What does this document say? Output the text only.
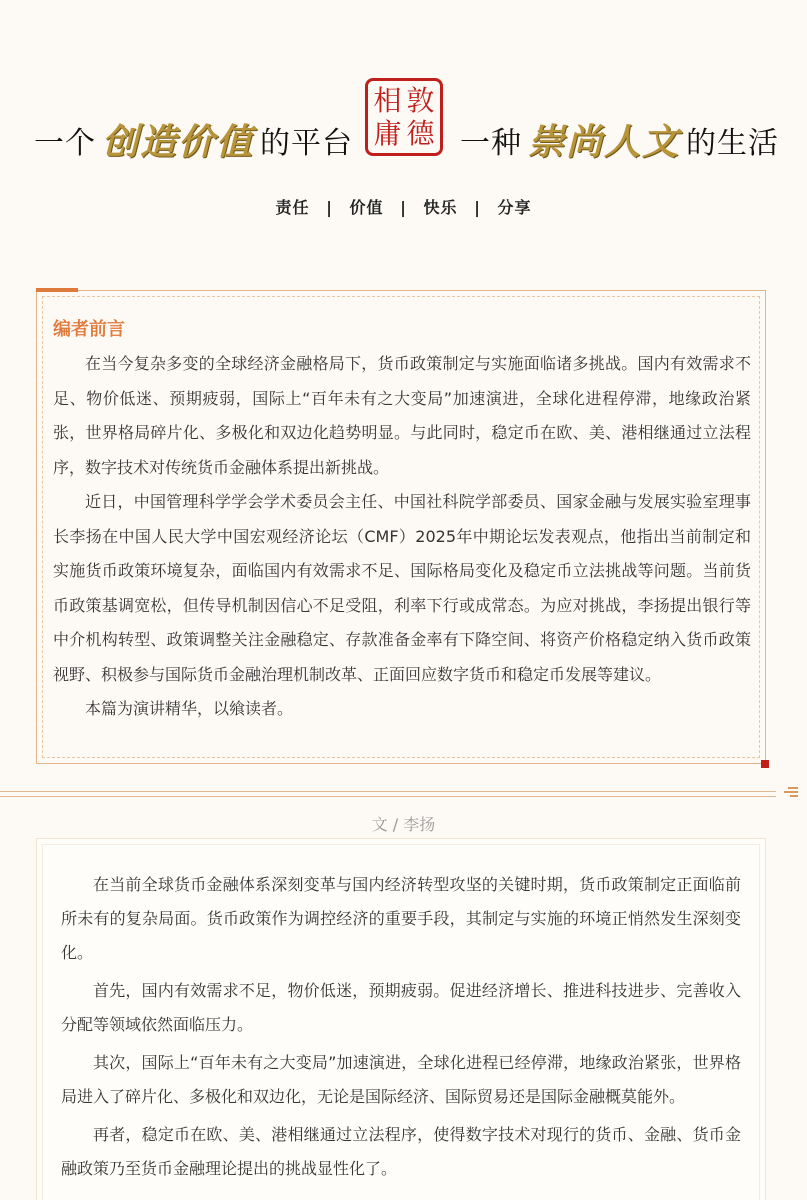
一个 创造价值 的平台
相 敦
庸 德 一种 崇尚人文 的生活
责任 | 价值 | 快乐 | 分享
编者前言

在当今复杂多变的全球经济金融格局下，货币政策制定与实施面临诸多挑战。国内有效需求不足、物价低迷、预期疲弱，国际上“百年未有之大变局”加速演进，全球化进程停滞，地缘政治紧张，世界格局碎片化、多极化和双边化趋势明显。与此同时，稳定币在欧、美、港相继通过立法程序，数字技术对传统货币金融体系提出新挑战。

近日，中国管理科学学会学术委员会主任、中国社科院学部委员、国家金融与发展实验室理事长李扬在中国人民大学中国宏观经济论坛（CMF）2025年中期论坛发表观点，他指出当前制定和实施货币政策环境复杂，面临国内有效需求不足、国际格局变化及稳定币立法挑战等问题。当前货币政策基调宽松，但传导机制因信心不足受阻，利率下行或成常态。为应对挑战，李扬提出银行等中介机构转型、政策调整关注金融稳定、存款准备金率有下降空间、将资产价格稳定纳入货币政策视野、积极参与国际货币金融治理机制改革、正面回应数字货币和稳定币发展等建议。

本篇为演讲精华，以飨读者。

文 / 李扬

在当前全球货币金融体系深刻变革与国内经济转型攻坚的关键时期，货币政策制定正面临前所未有的复杂局面。货币政策作为调控经济的重要手段，其制定与实施的环境正悄然发生深刻变化。

首先，国内有效需求不足，物价低迷，预期疲弱。促进经济增长、推进科技进步、完善收入分配等领域依然面临压力。

其次，国际上“百年未有之大变局”加速演进，全球化进程已经停滞，地缘政治紧张，世界格局进入了碎片化、多极化和双边化，无论是国际经济、国际贸易还是国际金融概莫能外。

再者，稳定币在欧、美、港相继通过立法程序，使得数字技术对现行的货币、金融、货币金融政策乃至货币金融理论提出的挑战显性化了。
